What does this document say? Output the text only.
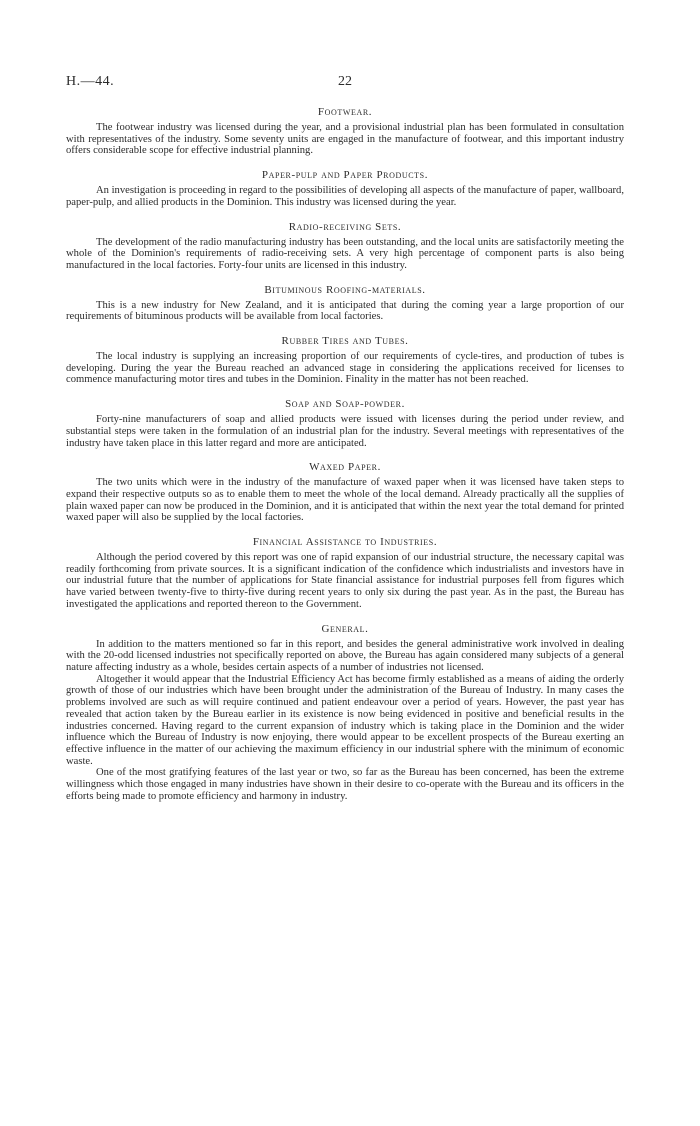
H.—44.	22
Footwear.

The footwear industry was licensed during the year, and a provisional industrial plan has been formulated in consultation with representatives of the industry. Some seventy units are engaged in the manufacture of footwear, and this important industry offers considerable scope for effective industrial planning.

Paper-pulp and Paper Products.

An investigation is proceeding in regard to the possibilities of developing all aspects of the manufacture of paper, wallboard, paper-pulp, and allied products in the Dominion. This industry was licensed during the year.

Radio-receiving Sets.

The development of the radio manufacturing industry has been outstanding, and the local units are satisfactorily meeting the whole of the Dominion's requirements of radio-receiving sets. A very high percentage of component parts is also being manufactured in the local factories. Forty-four units are licensed in this industry.

Bituminous Roofing-materials.

This is a new industry for New Zealand, and it is anticipated that during the coming year a large proportion of our requirements of bituminous products will be available from local factories.

Rubber Tires and Tubes.

The local industry is supplying an increasing proportion of our requirements of cycle-tires, and production of tubes is developing. During the year the Bureau reached an advanced stage in considering the applications received for licenses to commence manufacturing motor tires and tubes in the Dominion. Finality in the matter has not been reached.

Soap and Soap-powder.

Forty-nine manufacturers of soap and allied products were issued with licenses during the period under review, and substantial steps were taken in the formulation of an industrial plan for the industry. Several meetings with representatives of the industry have taken place in this latter regard and more are anticipated.

Waxed Paper.

The two units which were in the industry of the manufacture of waxed paper when it was licensed have taken steps to expand their respective outputs so as to enable them to meet the whole of the local demand. Already practically all the supplies of plain waxed paper can now be produced in the Dominion, and it is anticipated that within the next year the total demand for printed waxed paper will also be supplied by the local factories.

Financial Assistance to Industries.

Although the period covered by this report was one of rapid expansion of our industrial structure, the necessary capital was readily forthcoming from private sources. It is a significant indication of the confidence which industrialists and investors have in our industrial future that the number of applications for State financial assistance for industrial purposes fell from figures which have varied between twenty-five to thirty-five during recent years to only six during the past year. As in the past, the Bureau has investigated the applications and reported thereon to the Government.

General.

In addition to the matters mentioned so far in this report, and besides the general administrative work involved in dealing with the 20-odd licensed industries not specifically reported on above, the Bureau has again considered many subjects of a general nature affecting industry as a whole, besides certain aspects of a number of industries not licensed.

Altogether it would appear that the Industrial Efficiency Act has become firmly established as a means of aiding the orderly growth of those of our industries which have been brought under the administration of the Bureau of Industry. In many cases the problems involved are such as will require continued and patient endeavour over a period of years. However, the past year has revealed that action taken by the Bureau earlier in its existence is now being evidenced in positive and beneficial results in the industries concerned. Having regard to the current expansion of industry which is taking place in the Dominion and the wider influence which the Bureau of Industry is now enjoying, there would appear to be excellent prospects of the Bureau exerting an effective influence in the matter of our achieving the maximum efficiency in our industrial sphere with the minimum of economic waste.

One of the most gratifying features of the last year or two, so far as the Bureau has been concerned, has been the extreme willingness which those engaged in many industries have shown in their desire to co-operate with the Bureau and its officers in the efforts being made to promote efficiency and harmony in industry.
